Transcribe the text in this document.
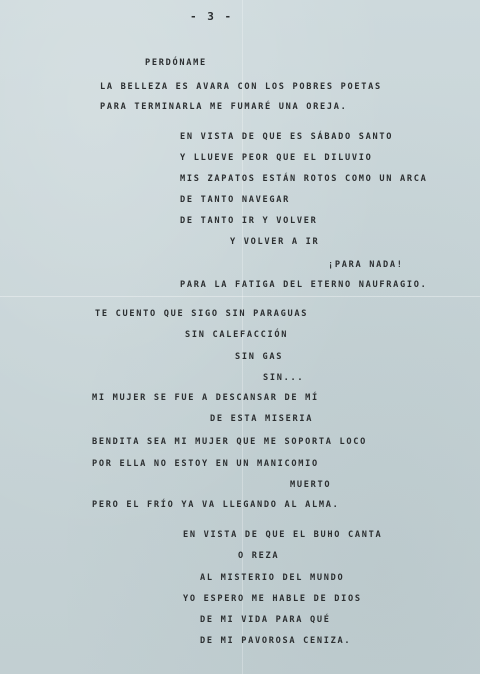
- 3 -
PERDÓNAME
LA BELLEZA ES AVARA CON LOS POBRES POETAS
PARA TERMINARLA ME FUMARÉ UNA OREJA.
EN VISTA DE QUE ES SÁBADO SANTO
Y LLUEVE PEOR QUE EL DILUVIO
MIS ZAPATOS ESTÁN ROTOS COMO UN ARCA
DE TANTO NAVEGAR
DE TANTO IR Y VOLVER
Y VOLVER A IR
¡PARA NADA!
PARA LA FATIGA DEL ETERNO NAUFRAGIO.
TE CUENTO QUE SIGO SIN PARAGUAS
SIN CALEFACCIÓN
SIN GAS
SIN...
MI MUJER SE FUE A DESCANSAR DE MÍ
DE ESTA MISERIA
BENDITA SEA MI MUJER QUE ME SOPORTA LOCO
POR ELLA NO ESTOY EN UN MANICOMIO
MUERTO
PERO EL FRÍO YA VA LLEGANDO AL ALMA.
EN VISTA DE QUE EL BUHO CANTA
O REZA
AL MISTERIO DEL MUNDO
YO ESPERO ME HABLE DE DIOS
DE MI VIDA PARA QUÉ
DE MI PAVOROSA CENIZA.
